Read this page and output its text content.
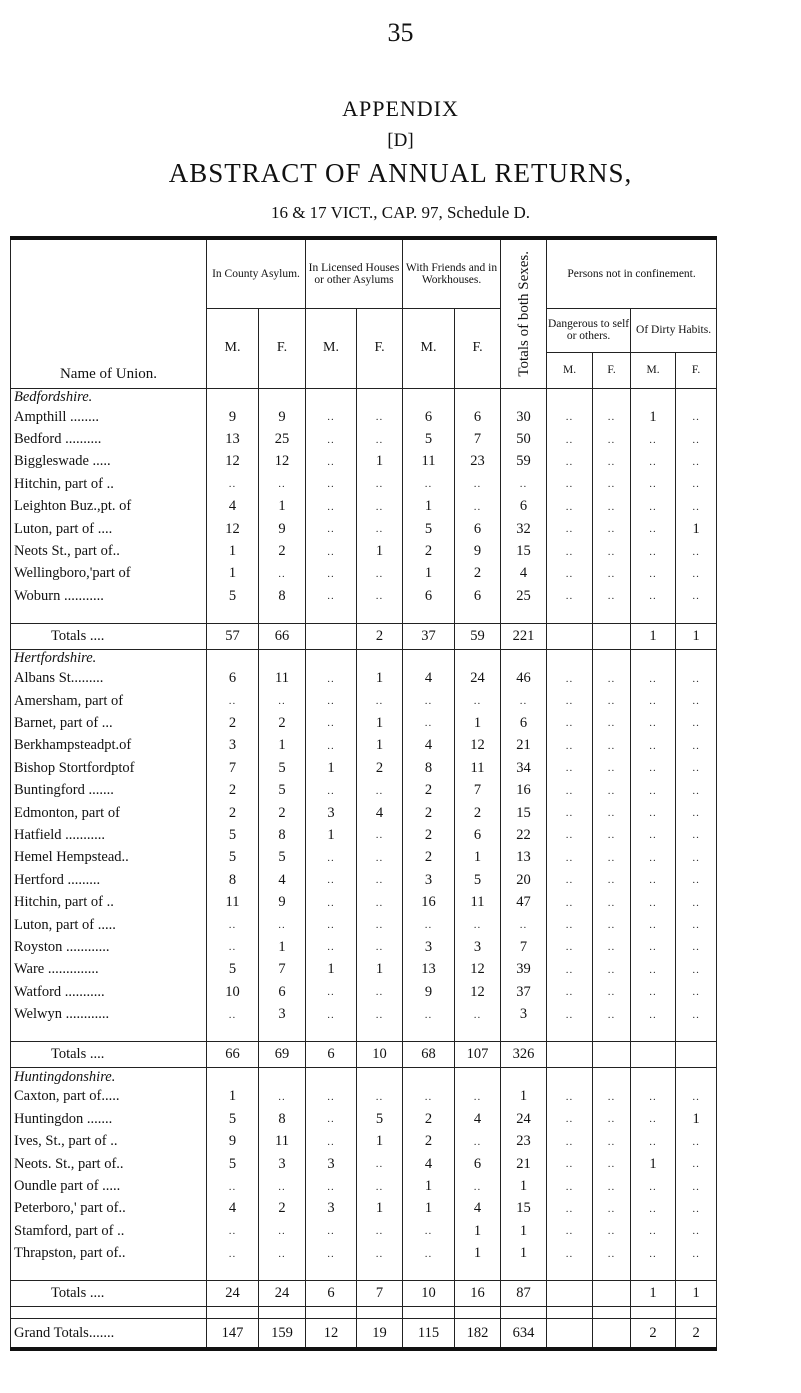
35
APPENDIX
[D]
ABSTRACT OF ANNUAL RETURNS,
16 & 17 VICT., CAP. 97, Schedule D.
Name of Union.	In County Asylum.		In Licensed Houses or other Asylums		With Friends and in Workhouses.		Totals of both Sexes.	Persons not in confinement.			
	M.	F.	M.	F.	M.	F.		Dangerous to self or others.		Of Dirty Habits.	
								M.	F.	M.	F.
Bedfordshire.											
Ampthill ........	9	9	..	..	6	6	30	..	..	1	..
Bedford ..........	13	25	..	..	5	7	50	..	..	..	..
Biggleswade .....	12	12	..	1	11	23	59	..	..	..	..
Hitchin, part of ..	..	..	..	..	..	..	..	..	..	..	..
Leighton Buz.,pt. of	4	1	..	..	1	..	6	..	..	..	..
Luton, part of ....	12	9	..	..	5	6	32	..	..	..	1
Neots St., part of..	1	2	..	1	2	9	15	..	..	..	..
Wellingboro,'part of	1	..	..	..	1	2	4	..	..	..	..
Woburn ...........	5	8	..	..	6	6	25	..	..	..	..

Totals ....	57	66		2	37	59	221			1	1
Hertfordshire.											
Albans St.........	6	11	..	1	4	24	46	..	..	..	..
Amersham, part of	..	..	..	..	..	..	..	..	..	..	..
Barnet, part of ...	2	2	..	1	..	1	6	..	..	..	..
Berkhampsteadpt.of	3	1	..	1	4	12	21	..	..	..	..
Bishop Stortfordptof	7	5	1	2	8	11	34	..	..	..	..
Buntingford .......	2	5	..	..	2	7	16	..	..	..	..
Edmonton, part of	2	2	3	4	2	2	15	..	..	..	..
Hatfield ...........	5	8	1	..	2	6	22	..	..	..	..
Hemel Hempstead..	5	5	..	..	2	1	13	..	..	..	..
Hertford .........	8	4	..	..	3	5	20	..	..	..	..
Hitchin, part of ..	11	9	..	..	16	11	47	..	..	..	..
Luton, part of .....	..	..	..	..	..	..	..	..	..	..	..
Royston ............	..	1	..	..	3	3	7	..	..	..	..
Ware ..............	5	7	1	1	13	12	39	..	..	..	..
Watford ...........	10	6	..	..	9	12	37	..	..	..	..
Welwyn ............	..	3	..	..	..	..	3	..	..	..	..

Totals ....	66	69	6	10	68	107	326				
Huntingdonshire.											
Caxton, part of.....	1	..	..	..	..	..	1	..	..	..	..
Huntingdon .......	5	8	..	5	2	4	24	..	..	..	1
Ives, St., part of ..	9	11	..	1	2	..	23	..	..	..	..
Neots. St., part of..	5	3	3	..	4	6	21	..	..	1	..
Oundle part of .....	..	..	..	..	1	..	1	..	..	..	..
Peterboro,' part of..	4	2	3	1	1	4	15	..	..	..	..
Stamford, part of ..	..	..	..	..	..	1	1	..	..	..	..
Thrapston, part of..	..	..	..	..	..	1	1	..	..	..	..

Totals ....	24	24	6	7	10	16	87			1	1

Grand Totals.......	147	159	12	19	115	182	634			2	2
